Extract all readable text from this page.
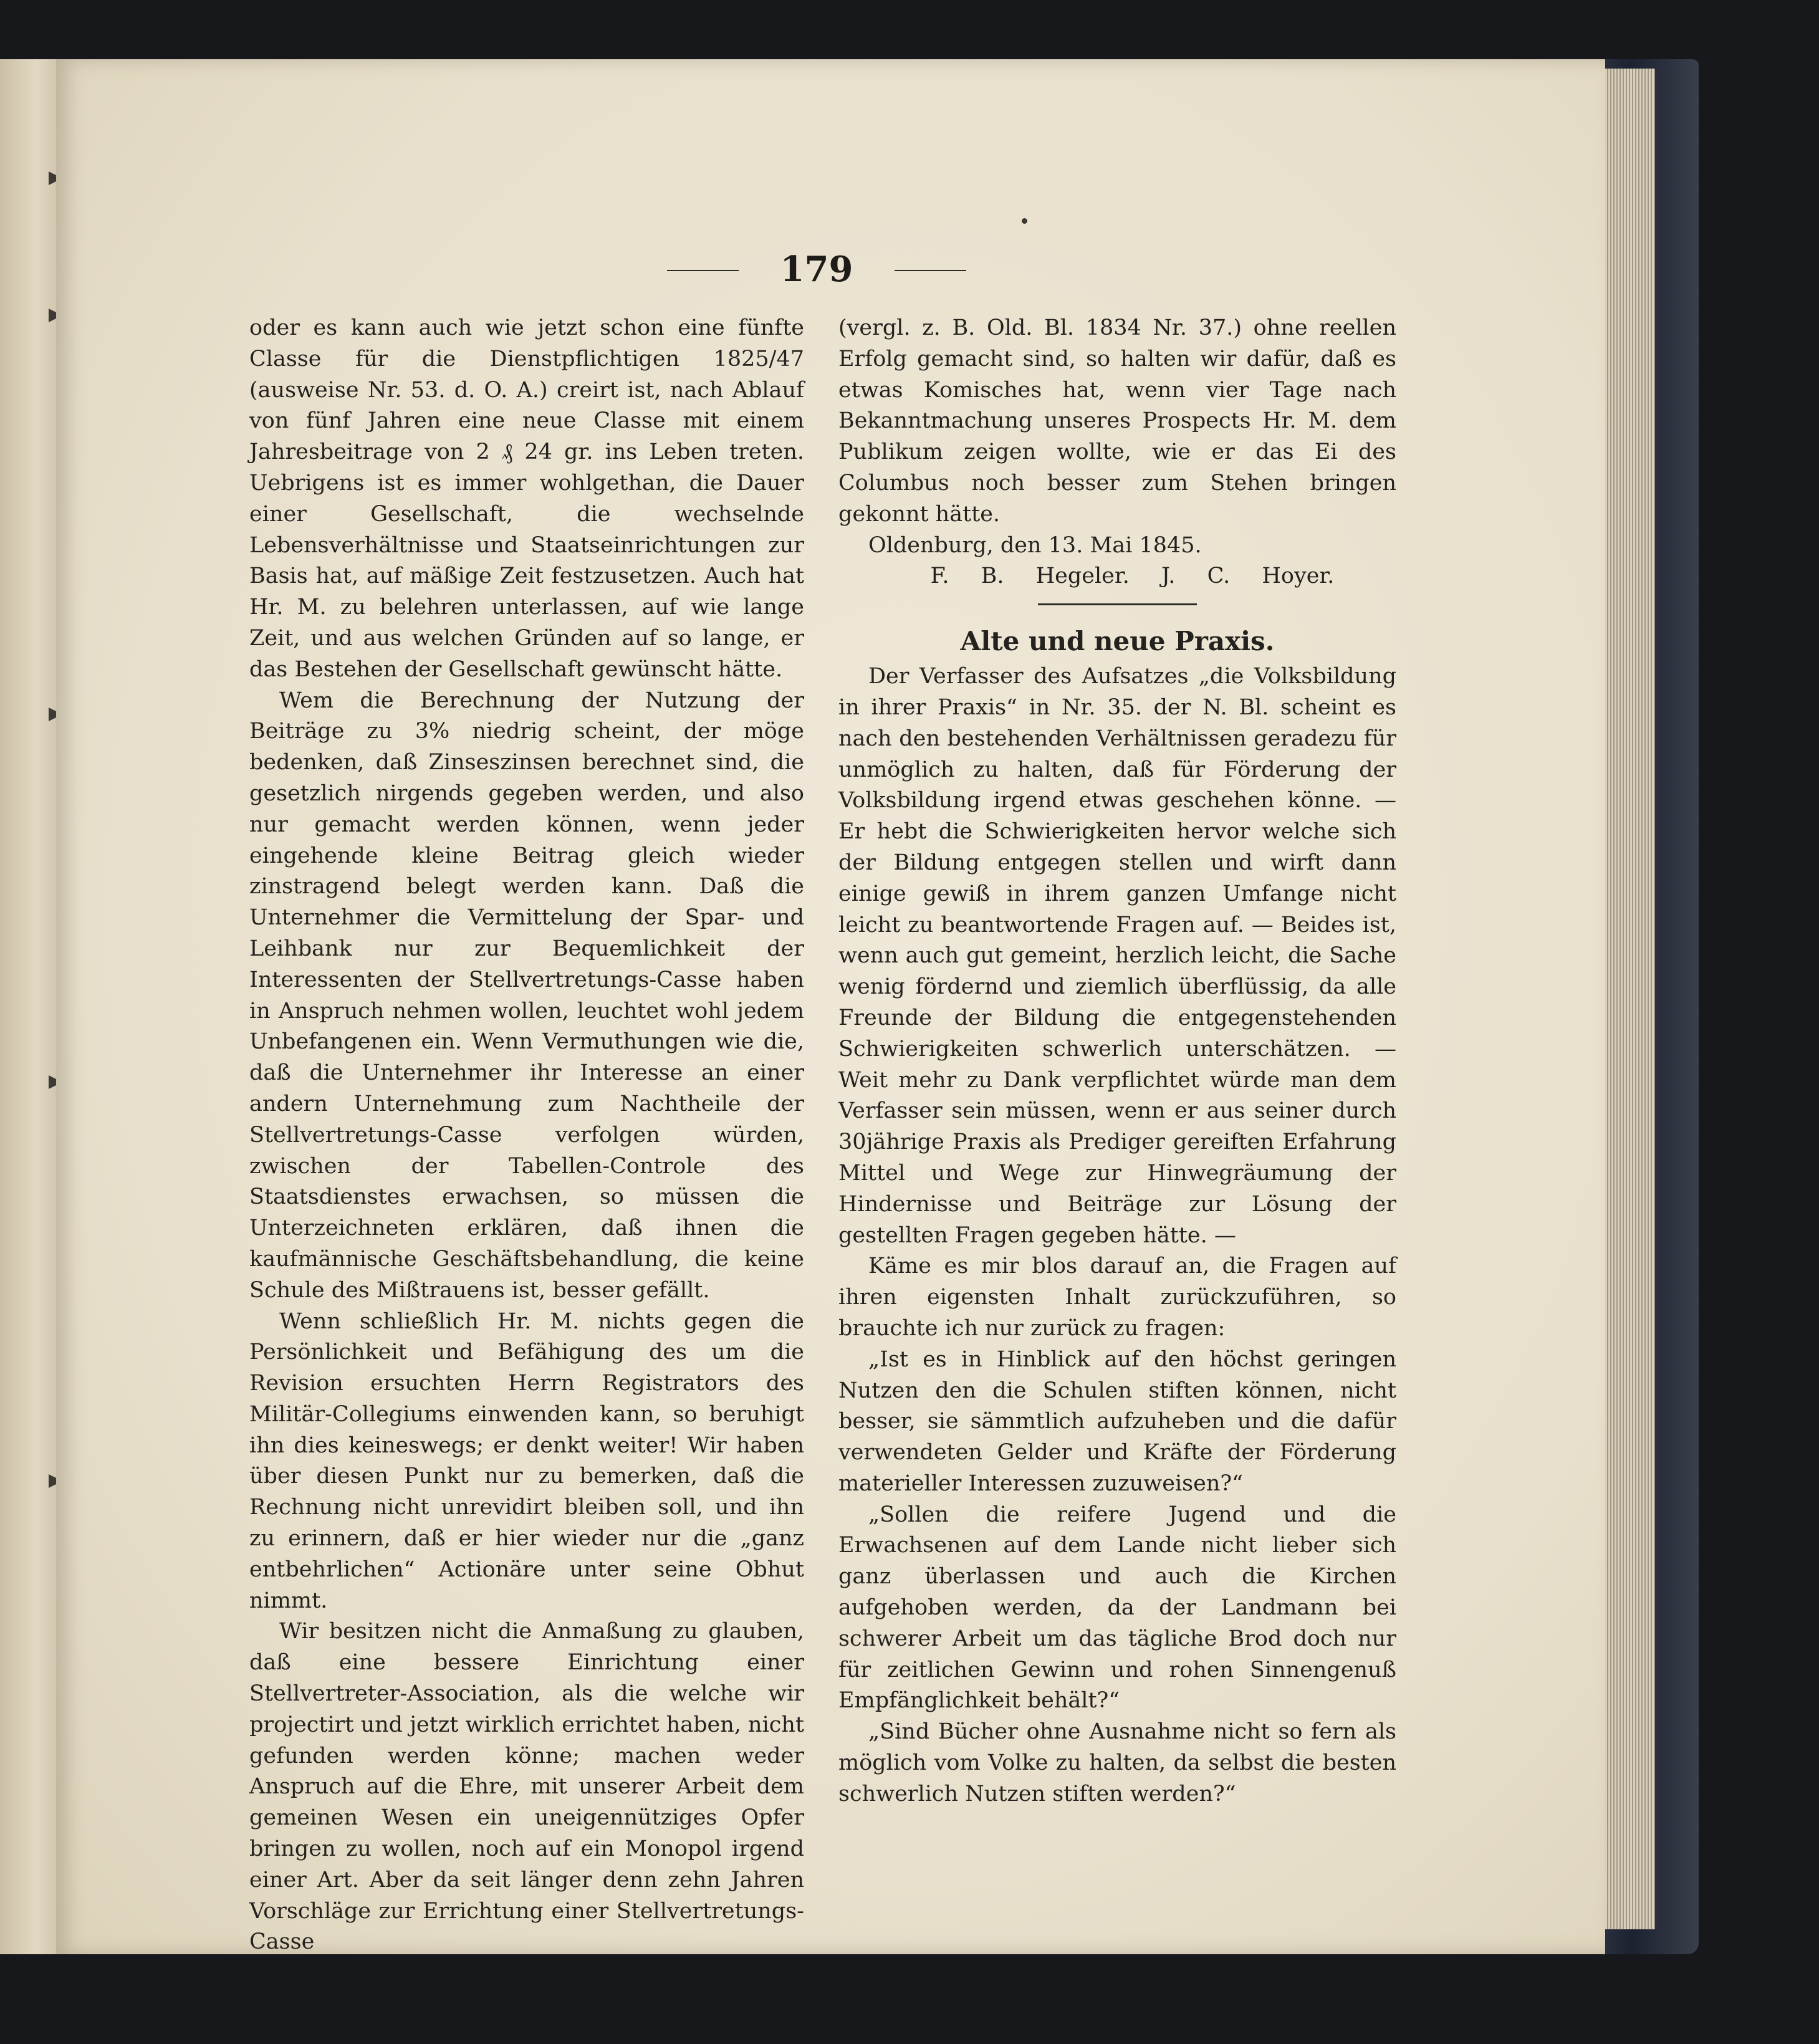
179

oder es kann auch wie jetzt schon eine fünfte Classe für die Dienstpflichtigen 1825/47 (ausweise Nr. 53. d. O. A.) creirt ist, nach Ablauf von fünf Jahren eine neue Classe mit einem Jahresbeitrage von 2 ₰ 24 gr. ins Leben treten. Uebrigens ist es immer wohlgethan, die Dauer einer Gesellschaft, die wechselnde Lebensverhältnisse und Staatseinrichtungen zur Basis hat, auf mäßige Zeit festzusetzen. Auch hat Hr. M. zu belehren unterlassen, auf wie lange Zeit, und aus welchen Gründen auf so lange, er das Bestehen der Gesellschaft gewünscht hätte.

Wem die Berechnung der Nutzung der Beiträge zu 3% niedrig scheint, der möge bedenken, daß Zinseszinsen berechnet sind, die gesetzlich nirgends gegeben werden, und also nur gemacht werden können, wenn jeder eingehende kleine Beitrag gleich wieder zinstragend belegt werden kann. Daß die Unternehmer die Vermittelung der Spar- und Leihbank nur zur Bequemlichkeit der Interessenten der Stellvertretungs-Casse haben in Anspruch nehmen wollen, leuchtet wohl jedem Unbefangenen ein. Wenn Vermuthungen wie die, daß die Unternehmer ihr Interesse an einer andern Unternehmung zum Nachtheile der Stellvertretungs-Casse verfolgen würden, zwischen der Tabellen-Controle des Staatsdienstes erwachsen, so müssen die Unterzeichneten erklären, daß ihnen die kaufmännische Geschäftsbehandlung, die keine Schule des Mißtrauens ist, besser gefällt.

Wenn schließlich Hr. M. nichts gegen die Persönlichkeit und Befähigung des um die Revision ersuchten Herrn Registrators des Militär-Collegiums einwenden kann, so beruhigt ihn dies keineswegs; er denkt weiter! Wir haben über diesen Punkt nur zu bemerken, daß die Rechnung nicht unrevidirt bleiben soll, und ihn zu erinnern, daß er hier wieder nur die „ganz entbehrlichen“ Actionäre unter seine Obhut nimmt.

Wir besitzen nicht die Anmaßung zu glauben, daß eine bessere Einrichtung einer Stellvertreter-Association, als die welche wir projectirt und jetzt wirklich errichtet haben, nicht gefunden werden könne; machen weder Anspruch auf die Ehre, mit unserer Arbeit dem gemeinen Wesen ein uneigennütziges Opfer bringen zu wollen, noch auf ein Monopol irgend einer Art. Aber da seit länger denn zehn Jahren Vorschläge zur Errichtung einer Stellvertretungs-Casse

(vergl. z. B. Old. Bl. 1834 Nr. 37.) ohne reellen Erfolg gemacht sind, so halten wir dafür, daß es etwas Komisches hat, wenn vier Tage nach Bekanntmachung unseres Prospects Hr. M. dem Publikum zeigen wollte, wie er das Ei des Columbus noch besser zum Stehen bringen gekonnt hätte.

Oldenburg, den 13. Mai 1845.

F. B. Hegeler. J. C. Hoyer.

Alte und neue Praxis.

Der Verfasser des Aufsatzes „die Volksbildung in ihrer Praxis“ in Nr. 35. der N. Bl. scheint es nach den bestehenden Verhältnissen geradezu für unmöglich zu halten, daß für Förderung der Volksbildung irgend etwas geschehen könne. — Er hebt die Schwierigkeiten hervor welche sich der Bildung entgegen stellen und wirft dann einige gewiß in ihrem ganzen Umfange nicht leicht zu beantwortende Fragen auf. — Beides ist, wenn auch gut gemeint, herzlich leicht, die Sache wenig fördernd und ziemlich überflüssig, da alle Freunde der Bildung die entgegenstehenden Schwierigkeiten schwerlich unterschätzen. — Weit mehr zu Dank verpflichtet würde man dem Verfasser sein müssen, wenn er aus seiner durch 30jährige Praxis als Prediger gereiften Erfahrung Mittel und Wege zur Hinwegräumung der Hindernisse und Beiträge zur Lösung der gestellten Fragen gegeben hätte. —

Käme es mir blos darauf an, die Fragen auf ihren eigensten Inhalt zurückzuführen, so brauchte ich nur zurück zu fragen:

„Ist es in Hinblick auf den höchst geringen Nutzen den die Schulen stiften können, nicht besser, sie sämmtlich aufzuheben und die dafür verwendeten Gelder und Kräfte der Förderung materieller Interessen zuzuweisen?“

„Sollen die reifere Jugend und die Erwachsenen auf dem Lande nicht lieber sich ganz überlassen und auch die Kirchen aufgehoben werden, da der Landmann bei schwerer Arbeit um das tägliche Brod doch nur für zeitlichen Gewinn und rohen Sinnengenuß Empfänglichkeit behält?“

„Sind Bücher ohne Ausnahme nicht so fern als möglich vom Volke zu halten, da selbst die besten schwerlich Nutzen stiften werden?“
